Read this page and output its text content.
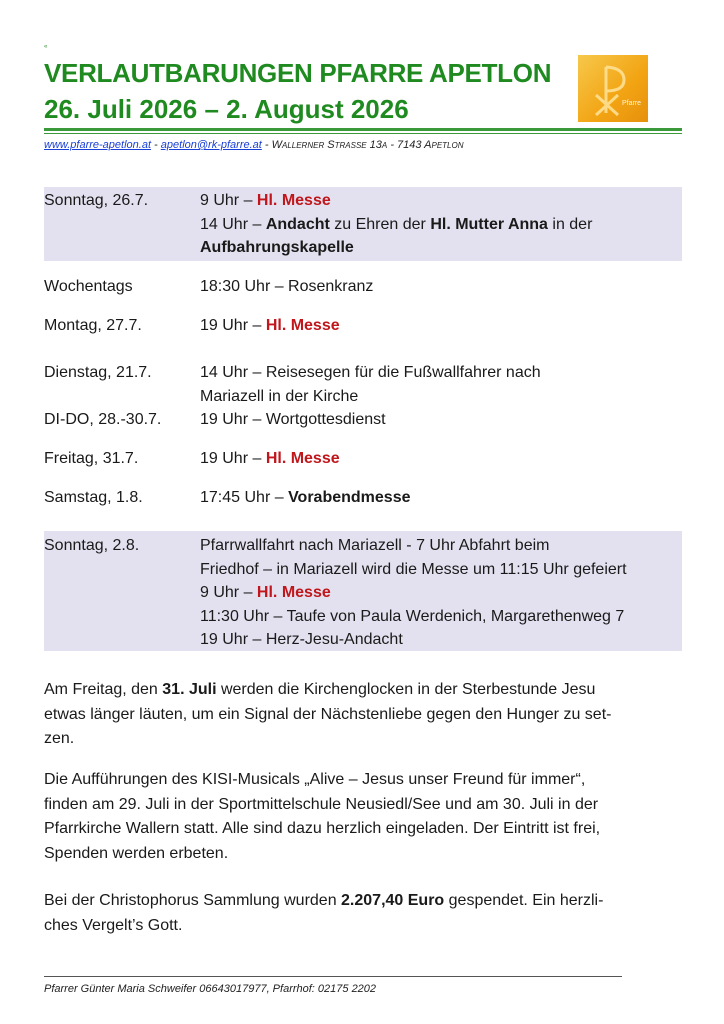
«
VERLAUTBARUNGEN PFARRE APETLON
26. Juli 2026 – 2. August 2026	Pfarre
www.pfarre-apetlon.at - apetlon@rk-pfarre.at - Wallerner Straße 13a - 7143 Apetlon
Sonntag, 26.7.	9 Uhr – Hl. Messe
14 Uhr – Andacht zu Ehren der Hl. Mutter Anna in der
Aufbahrungskapelle
Wochentags	18:30 Uhr – Rosenkranz
Montag, 27.7.	19 Uhr – Hl. Messe
Dienstag, 21.7.	14 Uhr – Reisesegen für die Fußwallfahrer nach
Mariazell in der Kirche
DI-DO, 28.-30.7. 19 Uhr – Wortgottesdienst
Freitag, 31.7.	19 Uhr – Hl. Messe
Samstag, 1.8.	17:45 Uhr – Vorabendmesse
Sonntag, 2.8.	Pfarrwallfahrt nach Mariazell - 7 Uhr Abfahrt beim
Friedhof – in Mariazell wird die Messe um 11:15 Uhr gefeiert
9 Uhr – Hl. Messe
11:30 Uhr – Taufe von Paula Werdenich, Margarethenweg 7
19 Uhr – Herz-Jesu-Andacht
Am Freitag, den 31. Juli werden die Kirchenglocken in der Sterbestunde Jesu
etwas länger läuten, um ein Signal der Nächstenliebe gegen den Hunger zu set-
zen.
Die Aufführungen des KISI-Musicals „Alive – Jesus unser Freund für immer“,
finden am 29. Juli in der Sportmittelschule Neusiedl/See und am 30. Juli in der
Pfarrkirche Wallern statt. Alle sind dazu herzlich eingeladen. Der Eintritt ist frei,
Spenden werden erbeten.
Bei der Christophorus Sammlung wurden 2.207,40 Euro gespendet. Ein herzli-
ches Vergelt’s Gott.
Pfarrer Günter Maria Schweifer 06643017977, Pfarrhof: 02175 2202
